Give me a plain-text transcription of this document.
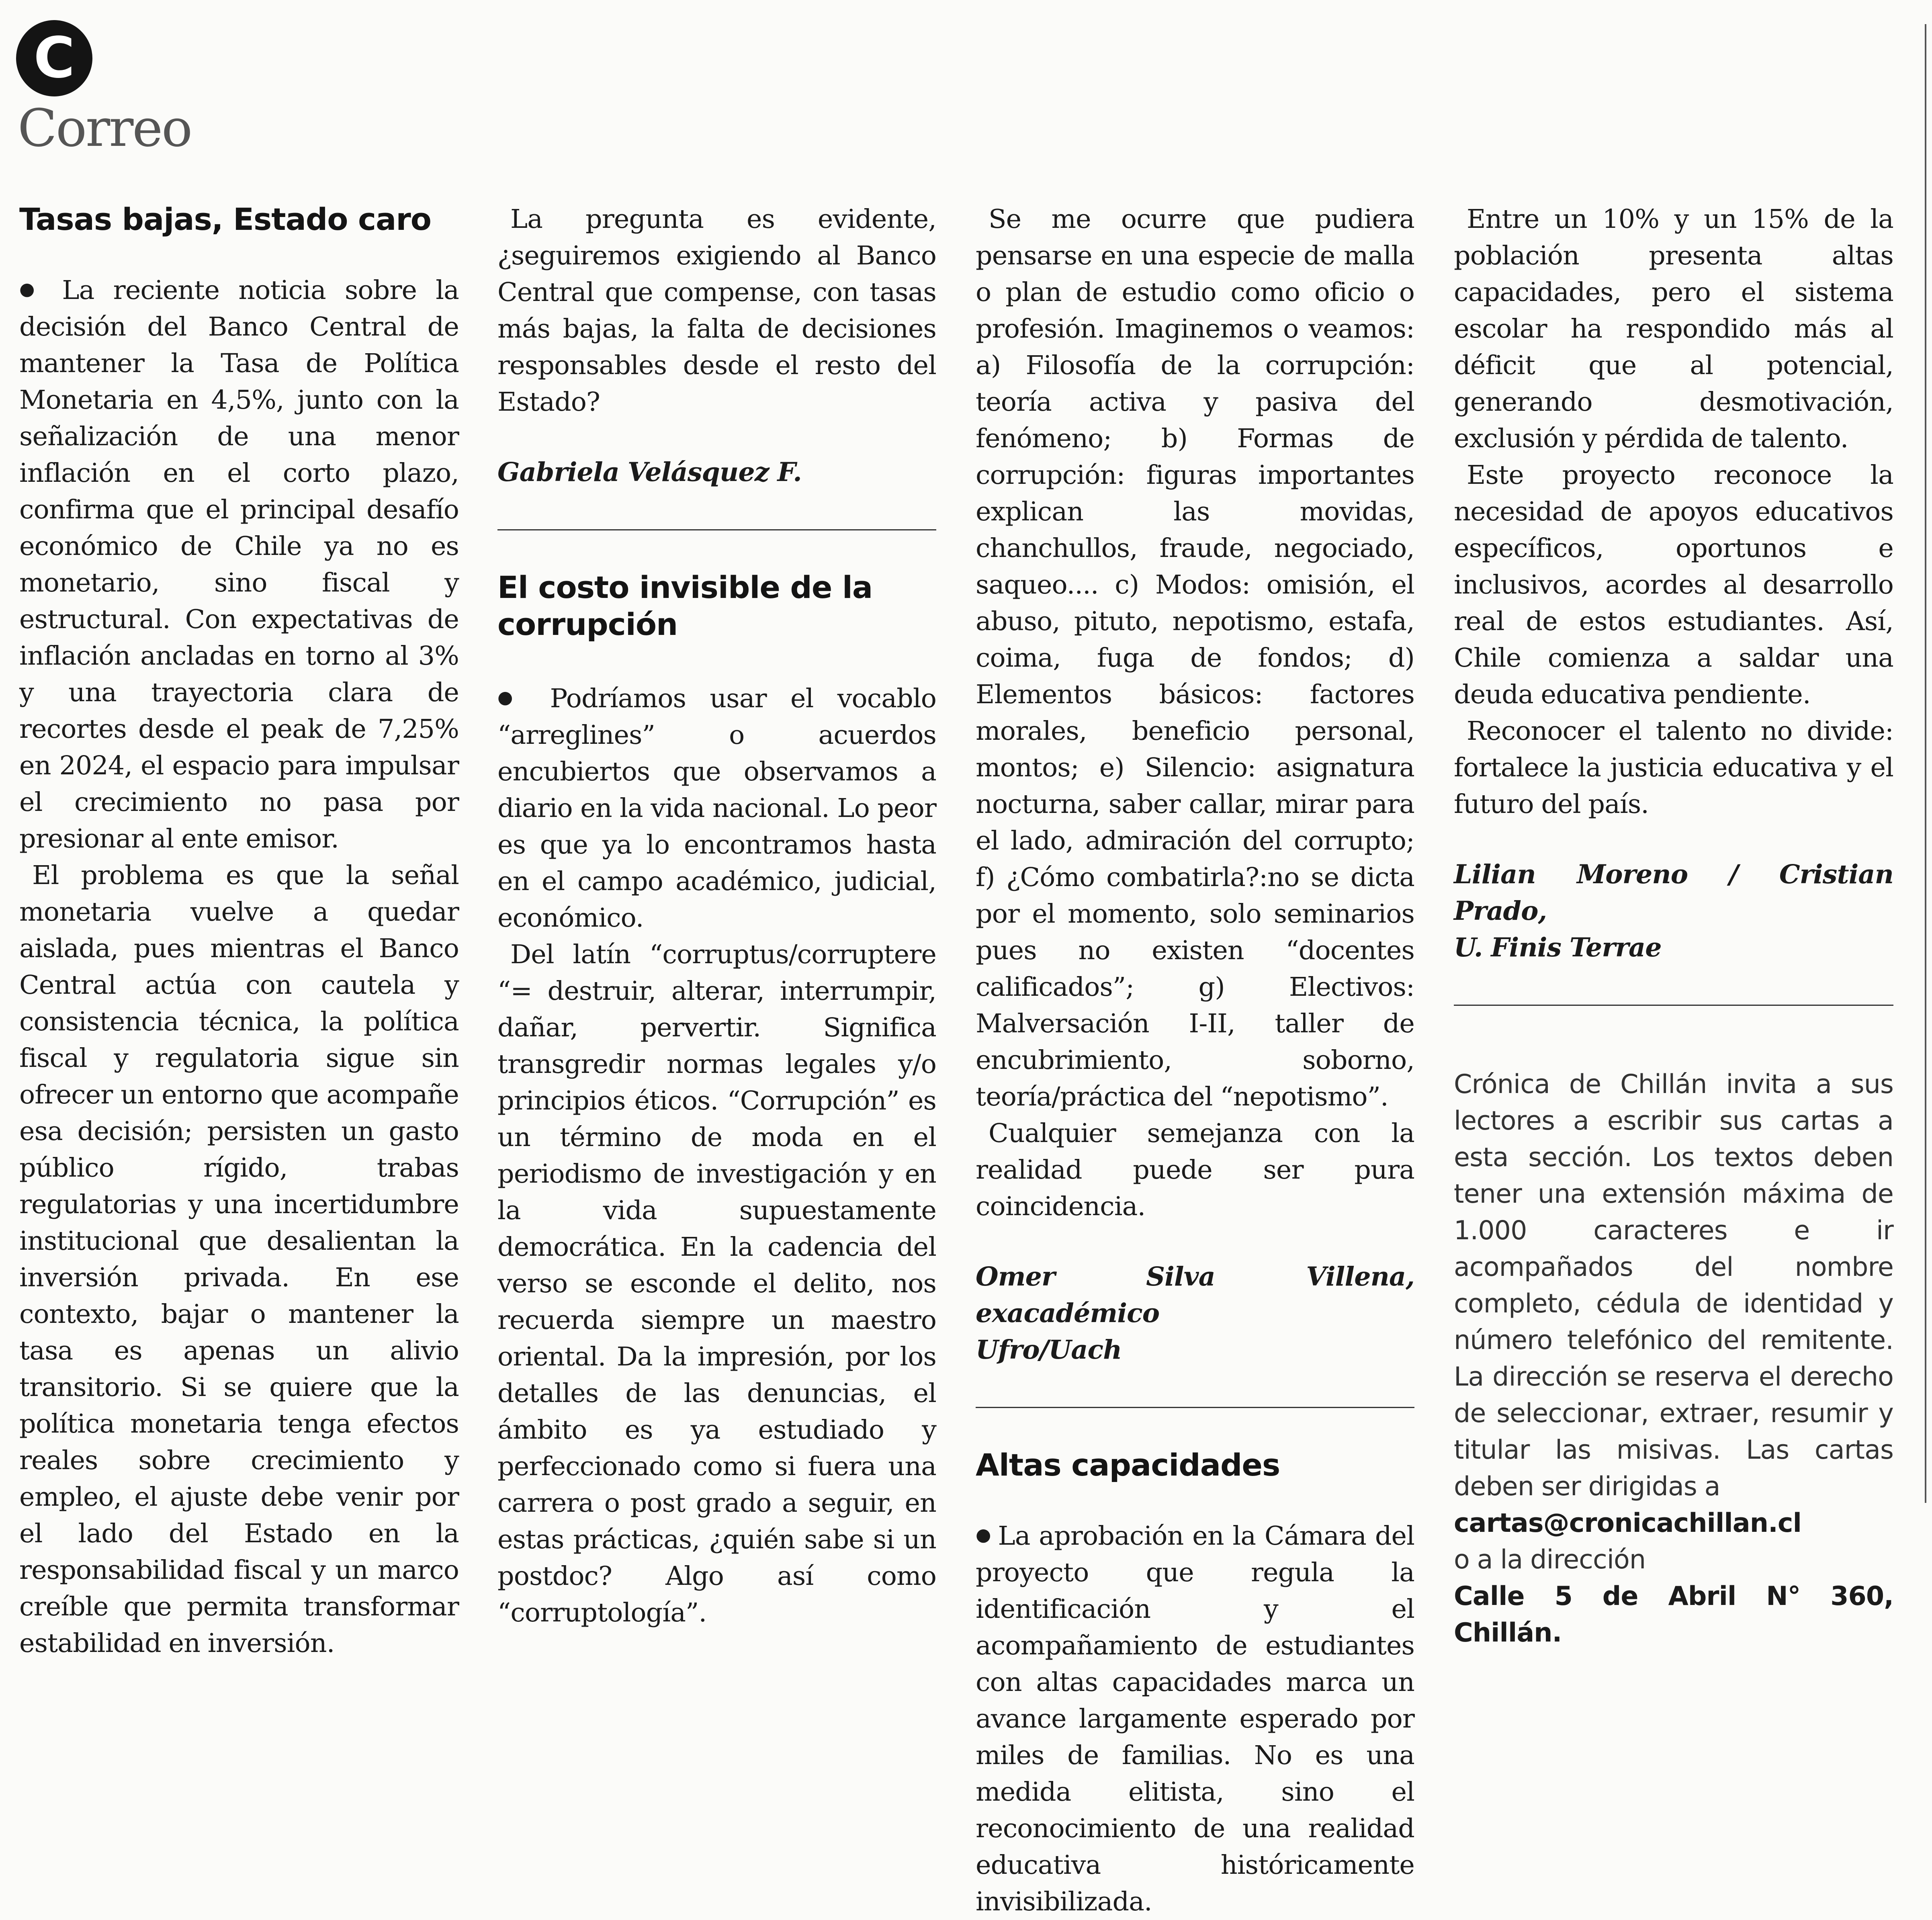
C
Correo
Tasas bajas, Estado caro

● La reciente noticia sobre la decisión del Banco Central de mantener la Tasa de Política Monetaria en 4,5%, junto con la señalización de una menor inflación en el corto plazo, confirma que el principal desafío económico de Chile ya no es monetario, sino fiscal y estructural. Con expectativas de inflación ancladas en torno al 3% y una trayectoria clara de recortes desde el peak de 7,25% en 2024, el espacio para impulsar el crecimiento no pasa por presionar al ente emisor.

El problema es que la señal monetaria vuelve a quedar aislada, pues mientras el Banco Central actúa con cautela y consistencia técnica, la política fiscal y regulatoria sigue sin ofrecer un entorno que acompañe esa decisión; persisten un gasto público rígido, trabas regulatorias y una incertidumbre institucional que desalientan la inversión privada. En ese contexto, bajar o mantener la tasa es apenas un alivio transitorio. Si se quiere que la política monetaria tenga efectos reales sobre crecimiento y empleo, el ajuste debe venir por el lado del Estado en la responsabilidad fiscal y un marco creíble que permita transformar estabilidad en inversión.

La pregunta es evidente, ¿seguiremos exigiendo al Banco Central que compense, con tasas más bajas, la falta de decisiones responsables desde el resto del Estado?

Gabriela Velásquez F.

El costo invisible de la corrupción

● Podríamos usar el vocablo “arreglines” o acuerdos encubiertos que observamos a diario en la vida nacional. Lo peor es que ya lo encontramos hasta en el campo académico, judicial, económico.

Del latín “corruptus/corruptere “= destruir, alterar, interrumpir, dañar, pervertir. Significa transgredir normas legales y/o principios éticos. “Corrupción” es un término de moda en el periodismo de investigación y en la vida supuestamente democrática. En la cadencia del verso se esconde el delito, nos recuerda siempre un maestro oriental. Da la impresión, por los detalles de las denuncias, el ámbito es ya estudiado y perfeccionado como si fuera una carrera o post grado a seguir, en estas prácticas, ¿quién sabe si un postdoc? Algo así como “corruptología”.

Se me ocurre que pudiera pensarse en una especie de malla o plan de estudio como oficio o profesión. Imaginemos o veamos: a) Filosofía de la corrupción: teoría activa y pasiva del fenómeno; b) Formas de corrupción: figuras importantes explican las movidas, chanchullos, fraude, negociado, saqueo.... c) Modos: omisión, el abuso, pituto, nepotismo, estafa, coima, fuga de fondos; d) Elementos básicos: factores morales, beneficio personal, montos; e) Silencio: asignatura nocturna, saber callar, mirar para el lado, admiración del corrupto; f) ¿Cómo combatirla?:no se dicta por el momento, solo seminarios pues no existen “docentes calificados”; g) Electivos: Malversación I-II, taller de encubrimiento, soborno, teoría/práctica del “nepotismo”.

Cualquier semejanza con la realidad puede ser pura coincidencia.

Omer Silva Villena, exacadémico

Ufro/Uach

Altas capacidades

● La aprobación en la Cámara del proyecto que regula la identificación y el acompañamiento de estudiantes con altas capacidades marca un avance largamente esperado por miles de familias. No es una medida elitista, sino el reconocimiento de una realidad educativa históricamente invisibilizada.

Entre un 10% y un 15% de la población presenta altas capacidades, pero el sistema escolar ha respondido más al déficit que al potencial, generando desmotivación, exclusión y pérdida de talento.

Este proyecto reconoce la necesidad de apoyos educativos específicos, oportunos e inclusivos, acordes al desarrollo real de estos estudiantes. Así, Chile comienza a saldar una deuda educativa pendiente.

Reconocer el talento no divide: fortalece la justicia educativa y el futuro del país.

Lilian Moreno / Cristian Prado,

U. Finis Terrae

Crónica de Chillán invita a sus lectores a escribir sus cartas a esta sección. Los textos deben tener una extensión máxima de 1.000 caracteres e ir acompañados del nombre completo, cédula de identidad y número telefónico del remitente. La dirección se reserva el derecho de seleccionar, extraer, resumir y titular las misivas. Las cartas deben ser dirigidas a

cartas@cronicachillan.cl

o a la dirección

Calle 5 de Abril N° 360, Chillán.
